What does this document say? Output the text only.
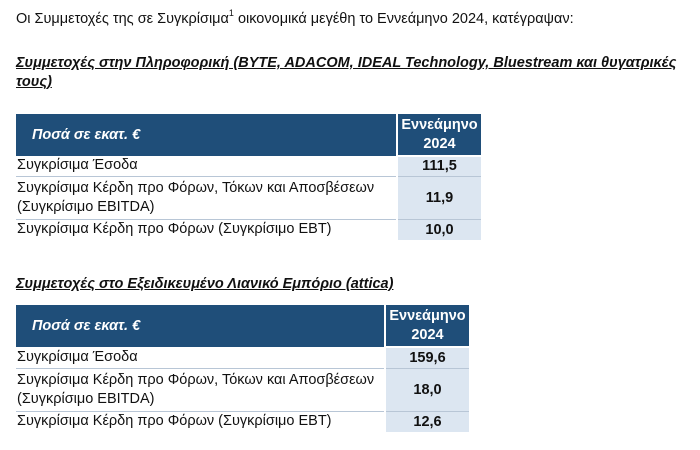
Οι Συμμετοχές της σε Συγκρίσιμα$^1$ οικονομικά μεγέθη το Εννεάμηνο 2024, κατέγραψαν:
Συμμετοχές στην Πληροφορική (BYTE, ADACOM, IDEAL Technology, Bluestream και θυγατρικές τους)
Ποσά σε εκατ. €	Εννεάμηνο
2024

Συγκρίσιμα Έσοδα	111,5

Συγκρίσιμα Κέρδη προ Φόρων, Τόκων και Αποσβέσεων
(Συγκρίσιμο EBITDA)	11,9
Συγκρίσιμα Κέρδη προ Φόρων (Συγκρίσιμο EBT)	10,0
Συμμετοχές στο Εξειδικευμένο Λιανικό Εμπόριο (attica)
Ποσά σε εκατ. €	Εννεάμηνο
2024

Συγκρίσιμα Έσοδα	159,6

Συγκρίσιμα Κέρδη προ Φόρων, Τόκων και Αποσβέσεων
(Συγκρίσιμο EBITDA)	18,0
Συγκρίσιμα Κέρδη προ Φόρων (Συγκρίσιμο EBT)	12,6
